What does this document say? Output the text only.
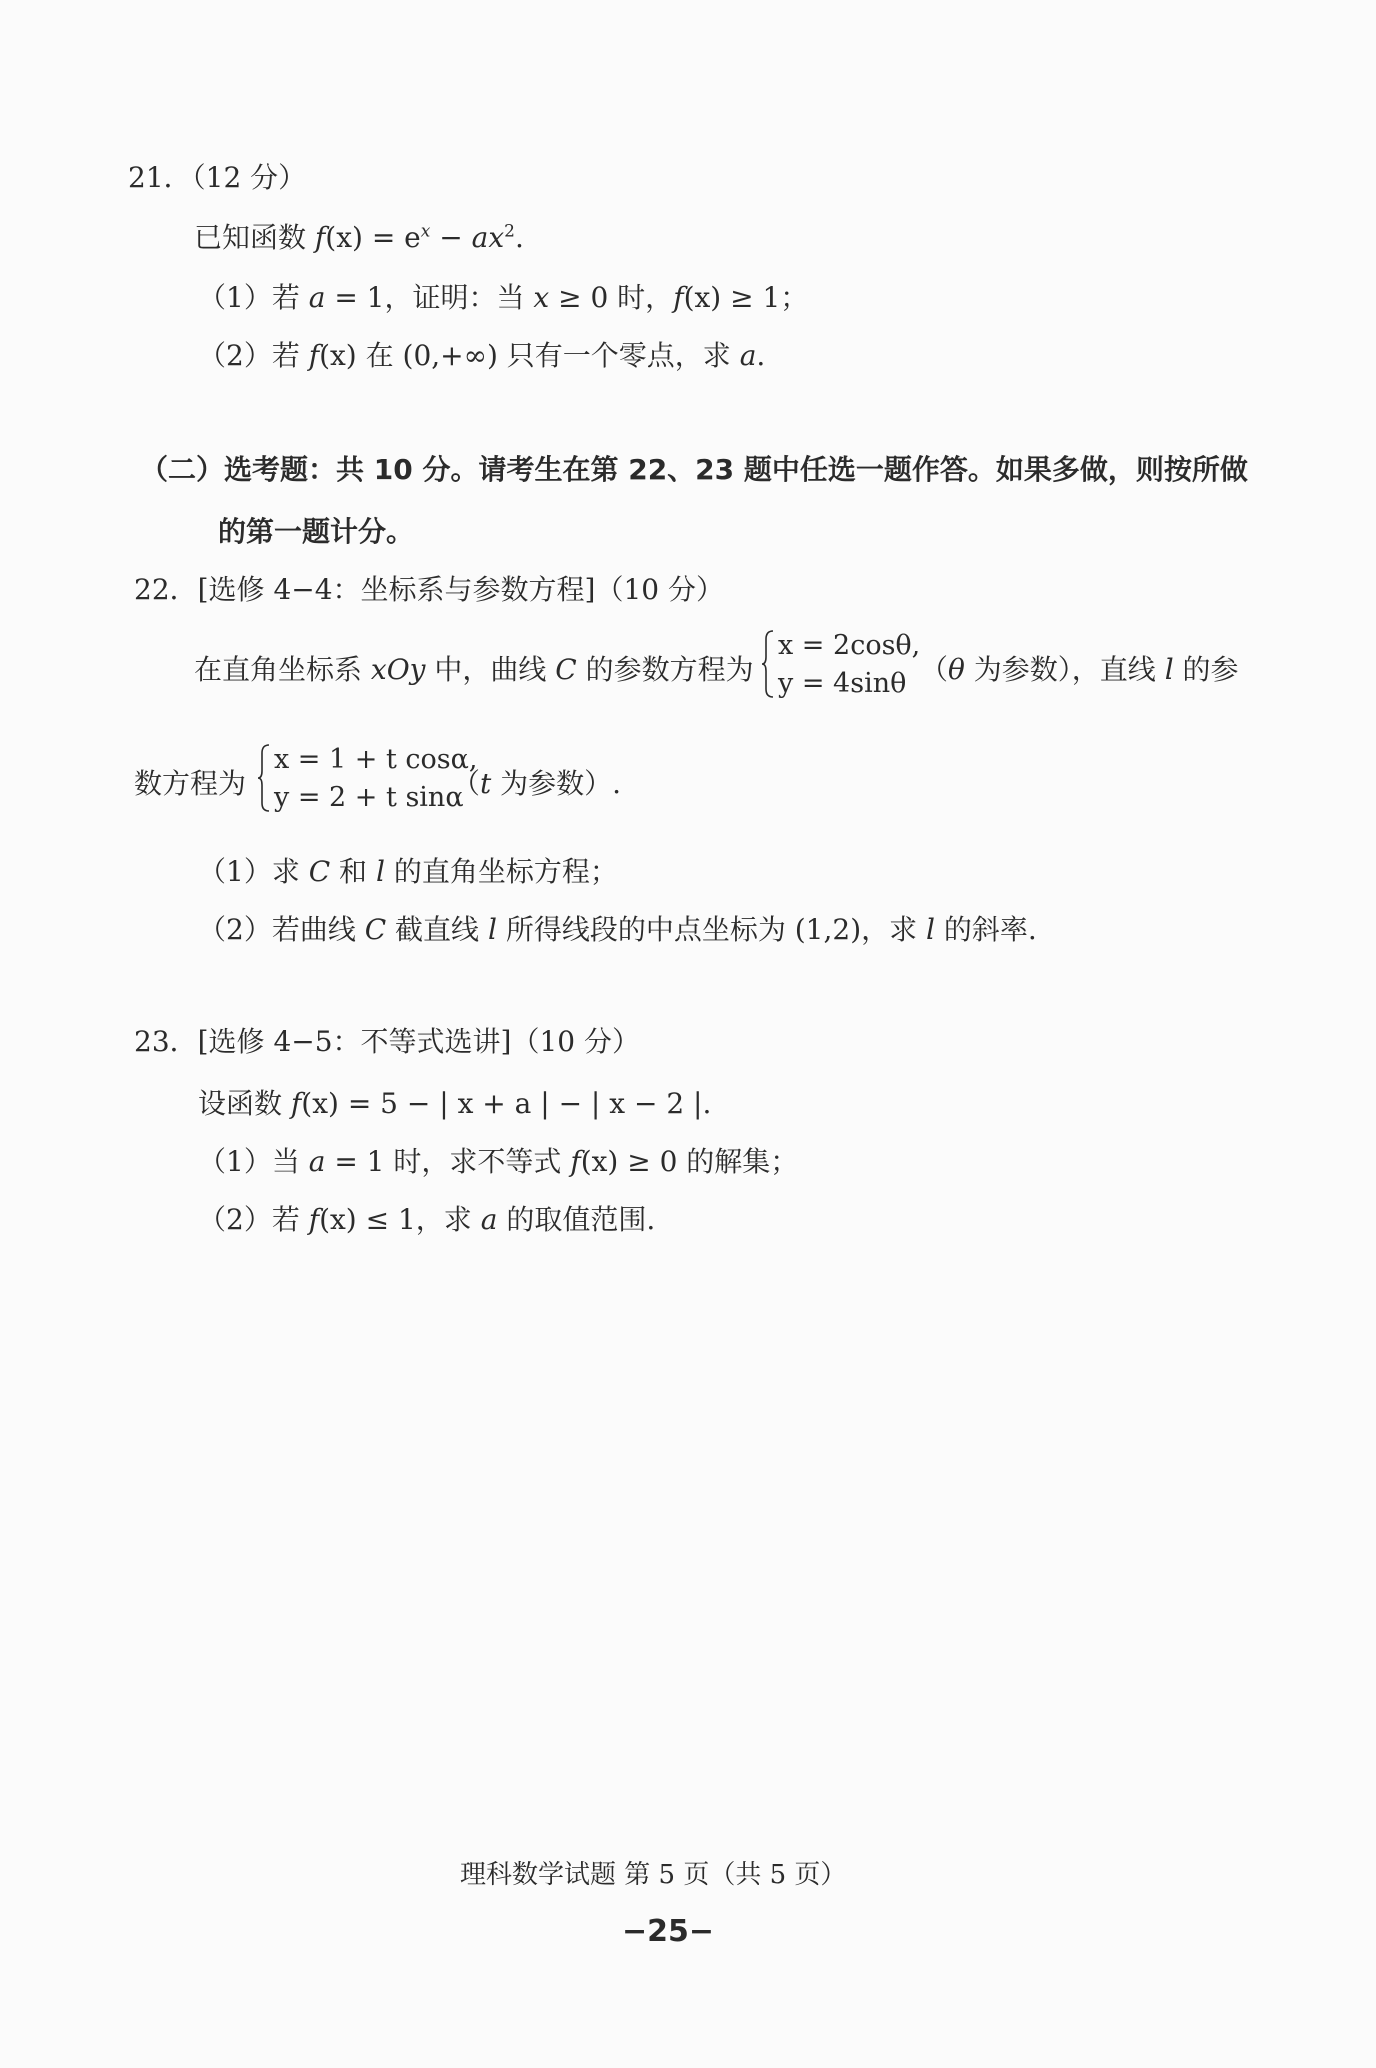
21．（12 分）
已知函数 $f(x) = e^x - ax^2$.
（1）若 a = 1，证明：当 x ≥ 0 时，f(x) ≥ 1；
（2）若 f(x) 在 (0,+∞) 只有一个零点，求 a.
（二）选考题：共 10 分。请考生在第 22、23 题中任选一题作答。如果多做，则按所做
的第一题计分。
22．[选修 4−4：坐标系与参数方程]（10 分）
在直角坐标系 xOy 中，曲线 C 的参数方程为
x = 2cosθ,
y = 4sinθ （θ 为参数），直线 l 的参
数方程为
x = 1 + t cosα,
y = 2 + t sinα
（t 为参数）.
（1）求 C 和 l 的直角坐标方程；
（2）若曲线 C 截直线 l 所得线段的中点坐标为 (1,2)，求 l 的斜率.
23．[选修 4−5：不等式选讲]（10 分）
设函数 f(x) = 5 − | x + a | − | x − 2 |.
（1）当 a = 1 时，求不等式 f(x) ≥ 0 的解集；
（2）若 f(x) ≤ 1，求 a 的取值范围.
理科数学试题 第 5 页（共 5 页）
−25−
